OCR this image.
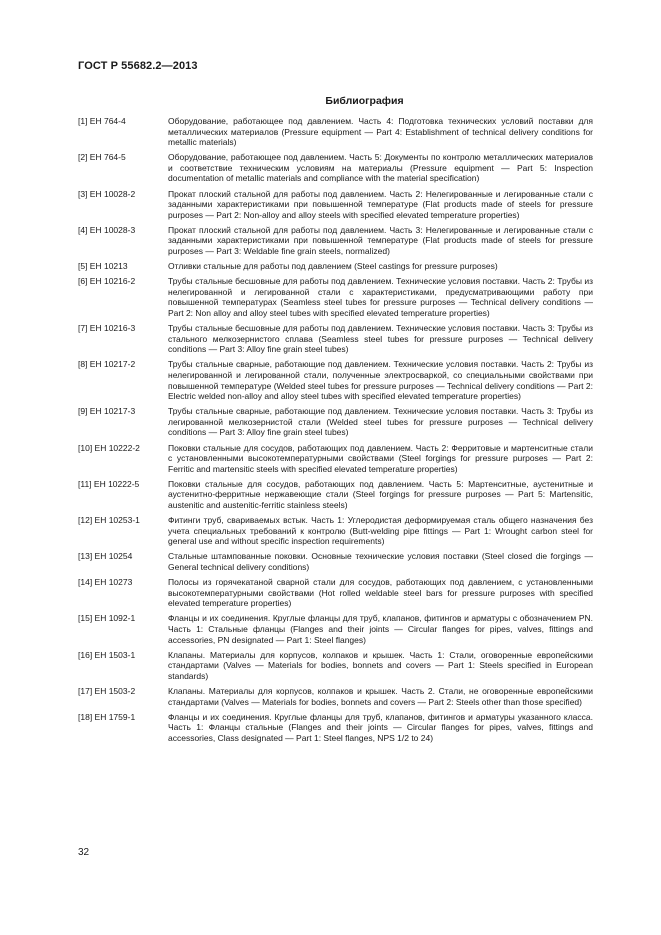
ГОСТ Р 55682.2—2013
Библиография
[1] ЕН 764-4	Оборудование, работающее под давлением. Часть 4: Подготовка технических условий поставки для металлических материалов (Pressure equipment — Part 4: Establishment of technical delivery conditions for metallic materials)
[2] ЕН 764-5	Оборудование, работающее под давлением. Часть 5: Документы по контролю металлических материалов и соответствие техническим условиям на материалы (Pressure equipment — Part 5: Inspection documentation of metallic materials and compliance with the material specification)
[3] ЕН 10028-2	Прокат плоский стальной для работы под давлением. Часть 2: Нелегированные и легированные стали с заданными характеристиками при повышенной температуре (Flat products made of steels for pressure purposes — Part 2: Non-alloy and alloy steels with specified elevated temperature properties)
[4] ЕН 10028-3	Прокат плоский стальной для работы под давлением. Часть 3: Нелегированные и легированные стали с заданными характеристиками при повышенной температуре (Flat products made of steels for pressure purposes — Part 3: Weldable fine grain steels, normalized)
[5] ЕН 10213	Отливки стальные для работы под давлением (Steel castings for pressure purposes)
[6] ЕН 10216-2	Трубы стальные бесшовные для работы под давлением. Технические условия поставки. Часть 2: Трубы из нелегированной и легированной стали с характеристиками, предусматривающими работу при повышенной температурах (Seamless steel tubes for pressure purposes — Technical delivery conditions — Part 2: Non alloy and alloy steel tubes with specified elevated temperature properties)
[7] ЕН 10216-3	Трубы стальные бесшовные для работы под давлением. Технические условия поставки. Часть 3: Трубы из стального мелкозернистого сплава (Seamless steel tubes for pressure purposes — Technical delivery conditions — Part 3: Alloy fine grain steel tubes)
[8] ЕН 10217-2	Трубы стальные сварные, работающие под давлением. Технические условия поставки. Часть 2: Трубы из нелегированной и легированной стали, полученные электросваркой, со специальными свойствами при повышенной температуре (Welded steel tubes for pressure purposes — Technical delivery conditions — Part 2: Electric welded non-alloy and alloy steel tubes with specified elevated temperature properties)
[9] ЕН 10217-3	Трубы стальные сварные, работающие под давлением. Технические условия поставки. Часть 3: Трубы из легированной мелкозернистой стали (Welded steel tubes for pressure purposes — Technical delivery conditions — Part 3: Alloy fine grain steel tubes)
[10] ЕН 10222-2	Поковки стальные для сосудов, работающих под давлением. Часть 2: Ферритовые и мартенситные стали с установленными высокотемпературными свойствами (Steel forgings for pressure purposes — Part 2: Ferritic and martensitic steels with specified elevated temperature properties)
[11] ЕН 10222-5	Поковки стальные для сосудов, работающих под давлением. Часть 5: Мартенситные, аустенитные и аустенитно-ферритные нержавеющие стали (Steel forgings for pressure purposes — Part 5: Martensitic, austenitic and austenitic-ferritic stainless steels)
[12] ЕН 10253-1	Фитинги труб, свариваемых встык. Часть 1: Углеродистая деформируемая сталь общего назначения без учета специальных требований к контролю (Butt-welding pipe fittings — Part 1: Wrought carbon steel for general use and without specific inspection requirements)
[13] ЕН 10254	Стальные штампованные поковки. Основные технические условия поставки (Steel closed die forgings — General technical delivery conditions)
[14] ЕН 10273	Полосы из горячекатаной сварной стали для сосудов, работающих под давлением, с установленными высокотемпературными свойствами (Hot rolled weldable steel bars for pressure purposes with specified elevated temperature properties)
[15] ЕН 1092-1	Фланцы и их соединения. Круглые фланцы для труб, клапанов, фитингов и арматуры с обозначением PN. Часть 1: Стальные фланцы (Flanges and their joints — Circular flanges for pipes, valves, fittings and accessories, PN designated — Part 1: Steel flanges)
[16] ЕН 1503-1	Клапаны. Материалы для корпусов, колпаков и крышек. Часть 1: Стали, оговоренные европейскими стандартами (Valves — Materials for bodies, bonnets and covers — Part 1: Steels specified in European standards)
[17] ЕН 1503-2	Клапаны. Материалы для корпусов, колпаков и крышек. Часть 2. Стали, не оговоренные европейскими стандартами (Valves — Materials for bodies, bonnets and covers — Part 2: Steels other than those specified)
[18] ЕН 1759-1	Фланцы и их соединения. Круглые фланцы для труб, клапанов, фитингов и арматуры указанного класса. Часть 1: Фланцы стальные (Flanges and their joints — Circular flanges for pipes, valves, fittings and accessories, Class designated — Part 1: Steel flanges, NPS 1/2 to 24)
32
